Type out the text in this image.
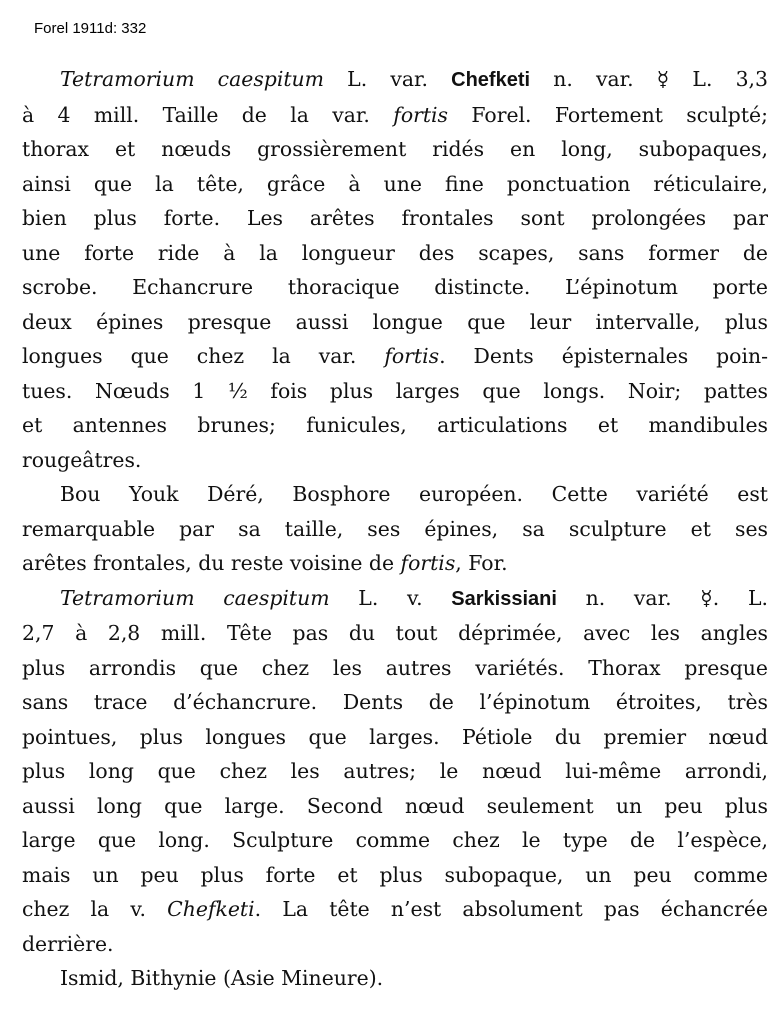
Forel 1911d: 332
Tetramorium caespitum L. var. Chefketi n. var. ☿ L. 3,3
à 4 mill. Taille de la var. fortis Forel. Fortement sculpté;
thorax et nœuds grossièrement ridés en long, subopaques,
ainsi que la tête, grâce à une fine ponctuation réticulaire,
bien plus forte. Les arêtes frontales sont prolongées par
une forte ride à la longueur des scapes, sans former de
scrobe. Echancrure thoracique distincte. L’épinotum porte
deux épines presque aussi longue que leur intervalle, plus
longues que chez la var. fortis. Dents épisternales poin-
tues. Nœuds 1 ½ fois plus larges que longs. Noir; pattes
et antennes brunes; funicules, articulations et mandibules
rougeâtres.
Bou Youk Déré, Bosphore européen. Cette variété est
remarquable par sa taille, ses épines, sa sculpture et ses
arêtes frontales, du reste voisine de fortis, For.
Tetramorium caespitum L. v. Sarkissiani n. var. ☿. L.
2,7 à 2,8 mill. Tête pas du tout déprimée, avec les angles
plus arrondis que chez les autres variétés. Thorax presque
sans trace d’échancrure. Dents de l’épinotum étroites, très
pointues, plus longues que larges. Pétiole du premier nœud
plus long que chez les autres; le nœud lui-même arrondi,
aussi long que large. Second nœud seulement un peu plus
large que long. Sculpture comme chez le type de l’espèce,
mais un peu plus forte et plus subopaque, un peu comme
chez la v. Chefketi. La tête n’est absolument pas échancrée
derrière.
Ismid, Bithynie (Asie Mineure).
